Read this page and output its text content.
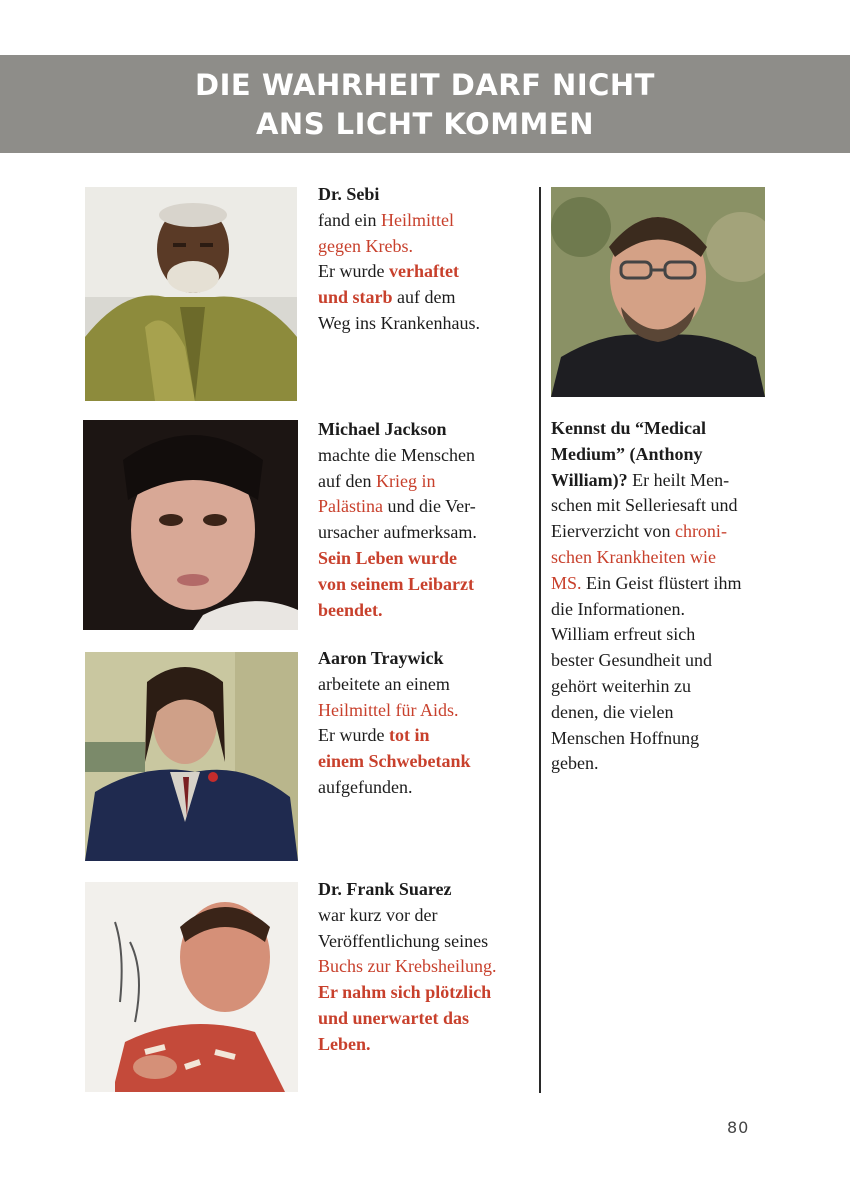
DIE WAHRHEIT DARF NICHT
ANS LICHT KOMMEN
Dr. Sebi
fand ein Heilmittel
gegen Krebs.
Er wurde verhaftet
und starb auf dem
Weg ins Krankenhaus.
Michael Jackson
machte die Menschen
auf den Krieg in
Palästina und die Ver-
ursacher aufmerksam.
Sein Leben wurde
von seinem Leibarzt
beendet.
Aaron Traywick
arbeitete an einem
Heilmittel für Aids.
Er wurde tot in
einem Schwebetank
aufgefunden.
Dr. Frank Suarez
war kurz vor der
Veröffentlichung seines
Buchs zur Krebsheilung.
Er nahm sich plötzlich
und unerwartet das
Leben.
Kennst du “Medical
Medium” (Anthony
William)? Er heilt Men-
schen mit Selleriesaft und
Eierverzicht von chroni-
schen Krankheiten wie
MS. Ein Geist flüstert ihm
die Informationen.
William erfreut sich
bester Gesundheit und
gehört weiterhin zu
denen, die vielen
Menschen Hoffnung
geben.
80
